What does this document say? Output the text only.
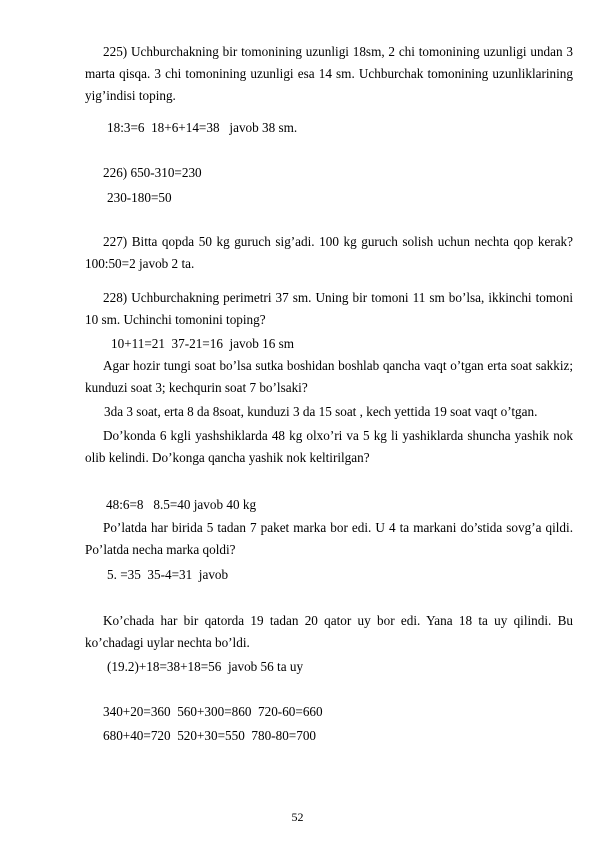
225) Uchburchakning bir tomonining uzunligi 18sm, 2 chi tomonining uzunligi undan 3 marta qisqa. 3 chi tomonining uzunligi esa 14 sm. Uchburchak tomonining uzunliklarining yig’indisi toping.
18:3=6  18+6+14=38   javob 38 sm.
226) 650-310=230
230-180=50
227) Bitta qopda 50 kg guruch sig’adi. 100 kg guruch solish uchun nechta qop kerak? 100:50=2 javob 2 ta.
228) Uchburchakning perimetri 37 sm. Uning bir tomoni 11 sm bo’lsa, ikkinchi tomoni 10 sm. Uchinchi tomonini toping?
10+11=21  37-21=16  javob 16 sm
Agar hozir tungi soat bo’lsa sutka boshidan boshlab qancha vaqt o’tgan erta soat sakkiz; kunduzi soat 3; kechqurin soat 7 bo’lsaki?
3da 3 soat, erta 8 da 8soat, kunduzi 3 da 15 soat , kech yettida 19 soat vaqt o’tgan.
Do’konda 6 kgli yashshiklarda 48 kg olxo’ri va 5 kg li yashiklarda shuncha yashik nok olib kelindi. Do’konga qancha yashik nok keltirilgan?
48:6=8   8.5=40 javob 40 kg
Po’latda har birida 5 tadan 7 paket marka bor edi. U 4 ta markani do’stida sovg’a qildi. Po’latda necha marka qoldi?
5. =35  35-4=31  javob
Ko’chada har bir qatorda 19 tadan 20 qator uy bor edi. Yana 18 ta uy qilindi. Bu ko’chadagi uylar nechta bo’ldi.
(19.2)+18=38+18=56  javob 56 ta uy
340+20=360  560+300=860  720-60=660
680+40=720  520+30=550  780-80=700
52
